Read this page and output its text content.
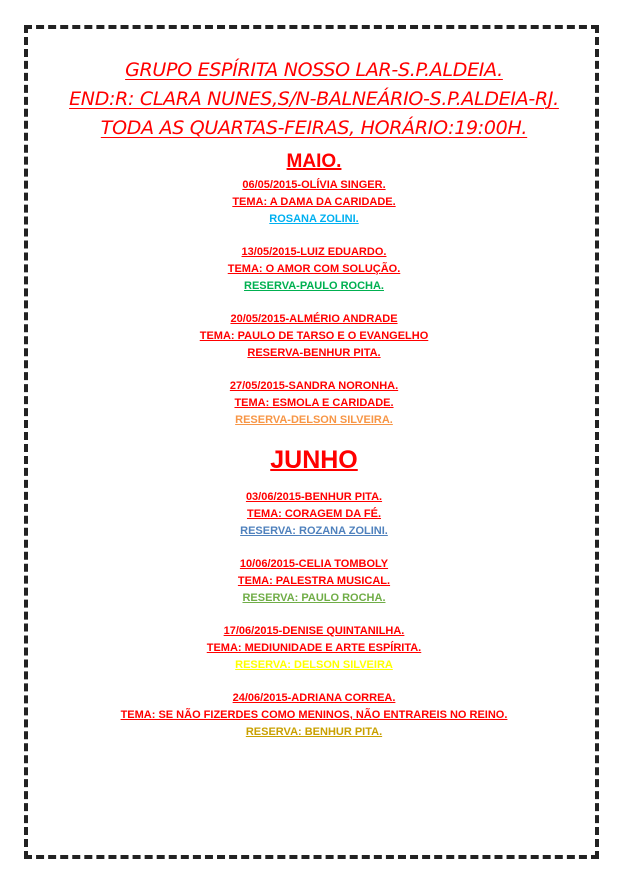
GRUPO ESPÍRITA NOSSO LAR-S.P.ALDEIA.
END:R: CLARA NUNES,S/N-BALNEÁRIO-S.P.ALDEIA-RJ.
TODA AS QUARTAS-FEIRAS, HORÁRIO:19:00H.
MAIO.
06/05/2015-OLÍVIA SINGER.
TEMA: A DAMA DA CARIDADE.
ROSANA ZOLINI.
13/05/2015-LUIZ EDUARDO.
TEMA: O AMOR COM SOLUÇÃO.
RESERVA-PAULO ROCHA.
20/05/2015-ALMÉRIO ANDRADE
TEMA: PAULO DE TARSO E O EVANGELHO
RESERVA-BENHUR PITA.
27/05/2015-SANDRA NORONHA.
TEMA: ESMOLA E CARIDADE.
RESERVA-DELSON SILVEIRA.
JUNHO
03/06/2015-BENHUR PITA.
TEMA: CORAGEM DA FÉ.
RESERVA: ROZANA ZOLINI.
10/06/2015-CELIA TOMBOLY
TEMA: PALESTRA MUSICAL.
RESERVA: PAULO ROCHA.
17/06/2015-DENISE QUINTANILHA.
TEMA: MEDIUNIDADE E ARTE ESPÍRITA.
RESERVA: DELSON SILVEIRA
24/06/2015-ADRIANA CORREA.
TEMA: SE NÃO FIZERDES COMO MENINOS, NÃO ENTRAREIS NO REINO.
RESERVA: BENHUR PITA.
